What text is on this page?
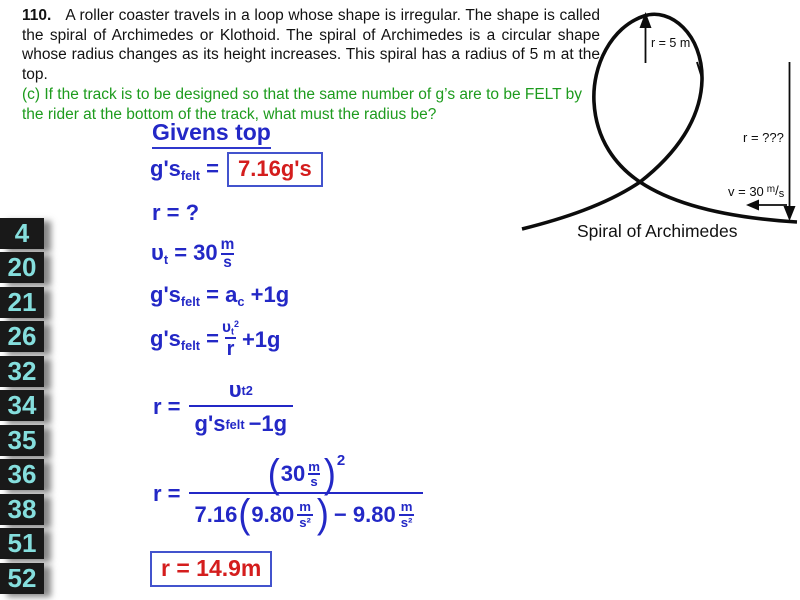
110. A roller coaster travels in a loop whose shape is irregular. The shape is called the spiral of Archimedes or Klothoid. The spiral of Archimedes is a circular shape whose radius changes as its height increases. This spiral has a radius of 5 m at the top.
(c) If the track is to be designed so that the same number of g’s are to be FELT by the rider at the bottom of the track, what must the radius be?
4
20
21
26
32
34
35
36
38
51
52
Givens top
g'sfelt = 7.16g's
r = ?
$\upsilon t = 30 \frac{m}{s}$
g'sfelt = ac +1g
g'sfelt = $\frac{\upsilon t^2}{r} +1g$
r =
υ t 2
g's felt −1g
r = ( $30 \frac{m}{s}$ ) 2
7.16 ( $9.80 \frac{m}{\text{s²}}$ ) − $9.80 \frac{m}{\text{s²}}$
r = 14.9m
r = 5 m
r = ???
v = 30 $^m$/s
Spiral of Archimedes
